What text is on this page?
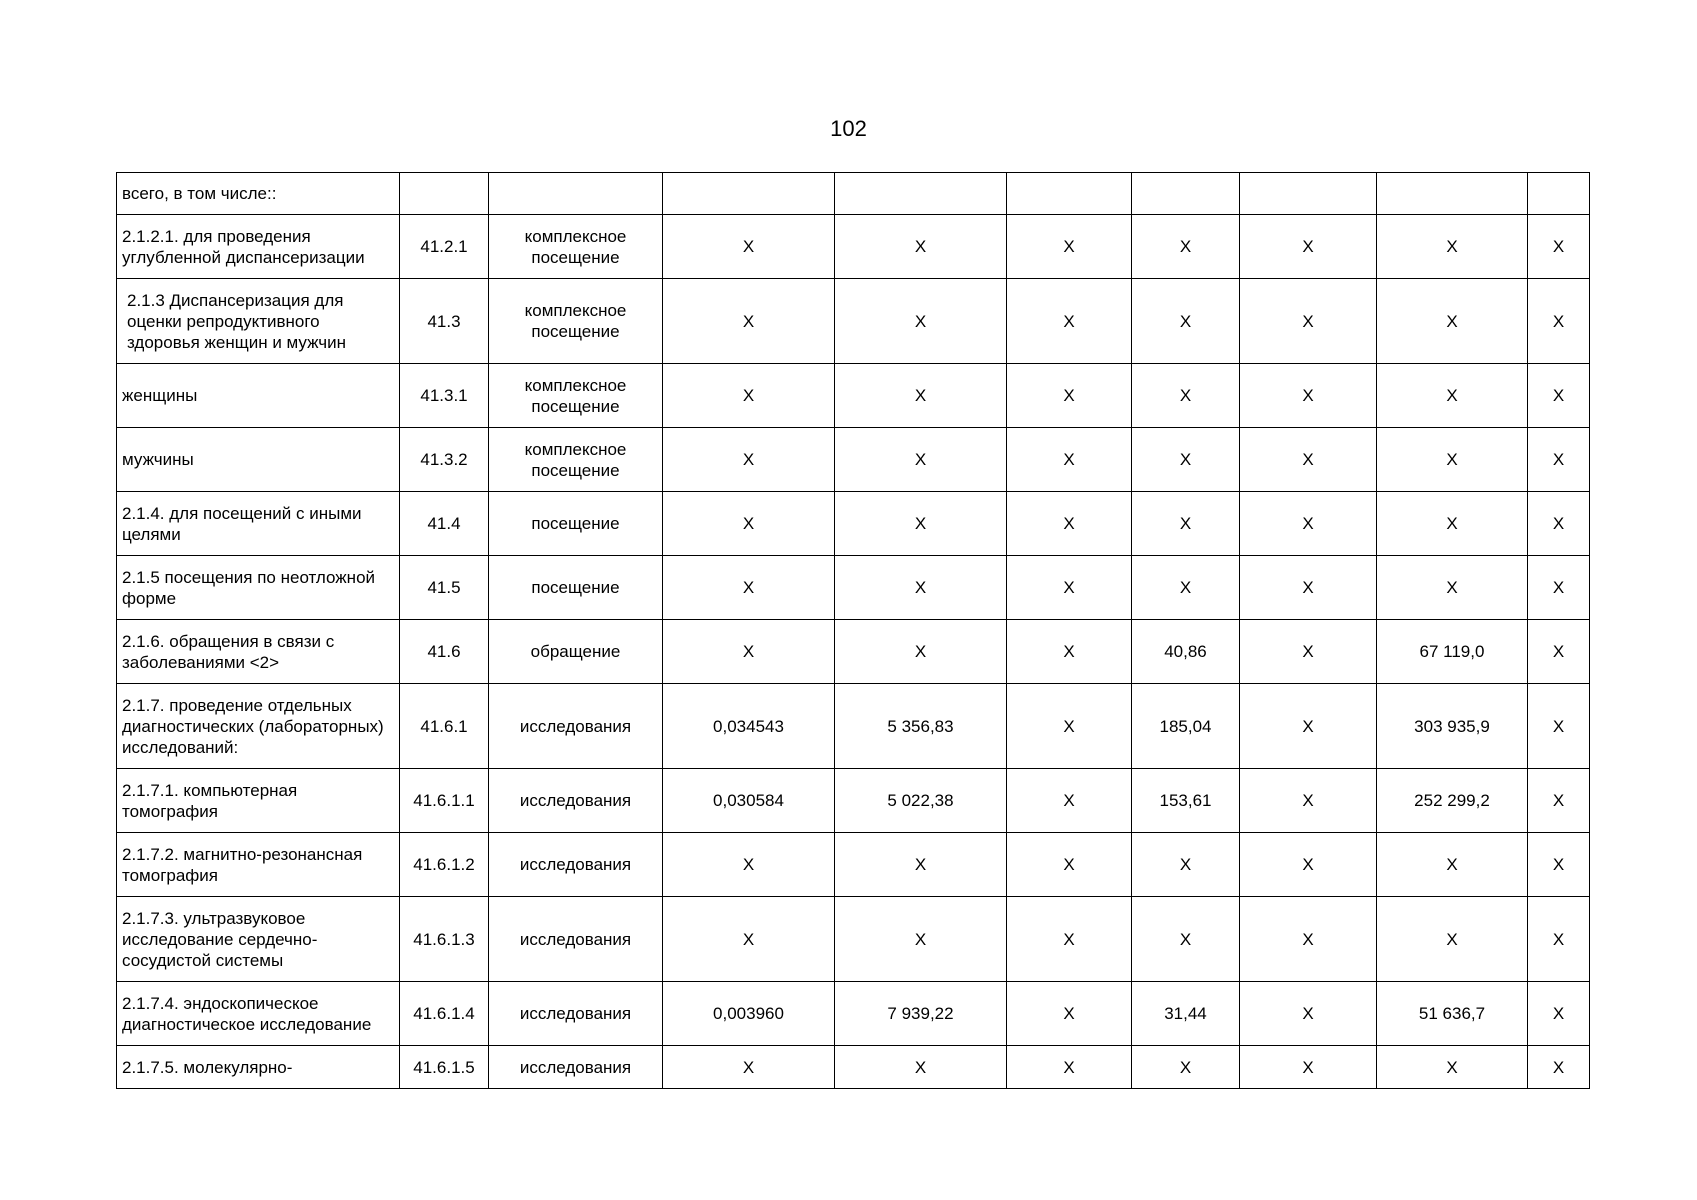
102
всего, в том числе::									
2.1.2.1. для проведения углубленной диспансеризации	41.2.1	комплексное посещение	X	X	X	X	X	X	X
2.1.3 Диспансеризация для оценки репродуктивного здоровья женщин и мужчин	41.3	комплексное посещение	X	X	X	X	X	X	X
женщины	41.3.1	комплексное посещение	X	X	X	X	X	X	X
мужчины	41.3.2	комплексное посещение	X	X	X	X	X	X	X
2.1.4. для посещений с иными целями	41.4	посещение	X	X	X	X	X	X	X
2.1.5 посещения по неотложной форме	41.5	посещение	X	X	X	X	X	X	X
2.1.6. обращения в связи с заболеваниями <2>	41.6	обращение	X	X	X	40,86	X	67 119,0	X
2.1.7. проведение отдельных диагностических (лабораторных) исследований:	41.6.1	исследования	0,034543	5 356,83	X	185,04	X	303 935,9	X
2.1.7.1. компьютерная томография	41.6.1.1	исследования	0,030584	5 022,38	X	153,61	X	252 299,2	X
2.1.7.2. магнитно-резонансная томография	41.6.1.2	исследования	X	X	X	X	X	X	X
2.1.7.3. ультразвуковое исследование сердечно-сосудистой системы	41.6.1.3	исследования	X	X	X	X	X	X	X
2.1.7.4. эндоскопическое диагностическое исследование	41.6.1.4	исследования	0,003960	7 939,22	X	31,44	X	51 636,7	X
2.1.7.5. молекулярно-	41.6.1.5	исследования	X	X	X	X	X	X	X
